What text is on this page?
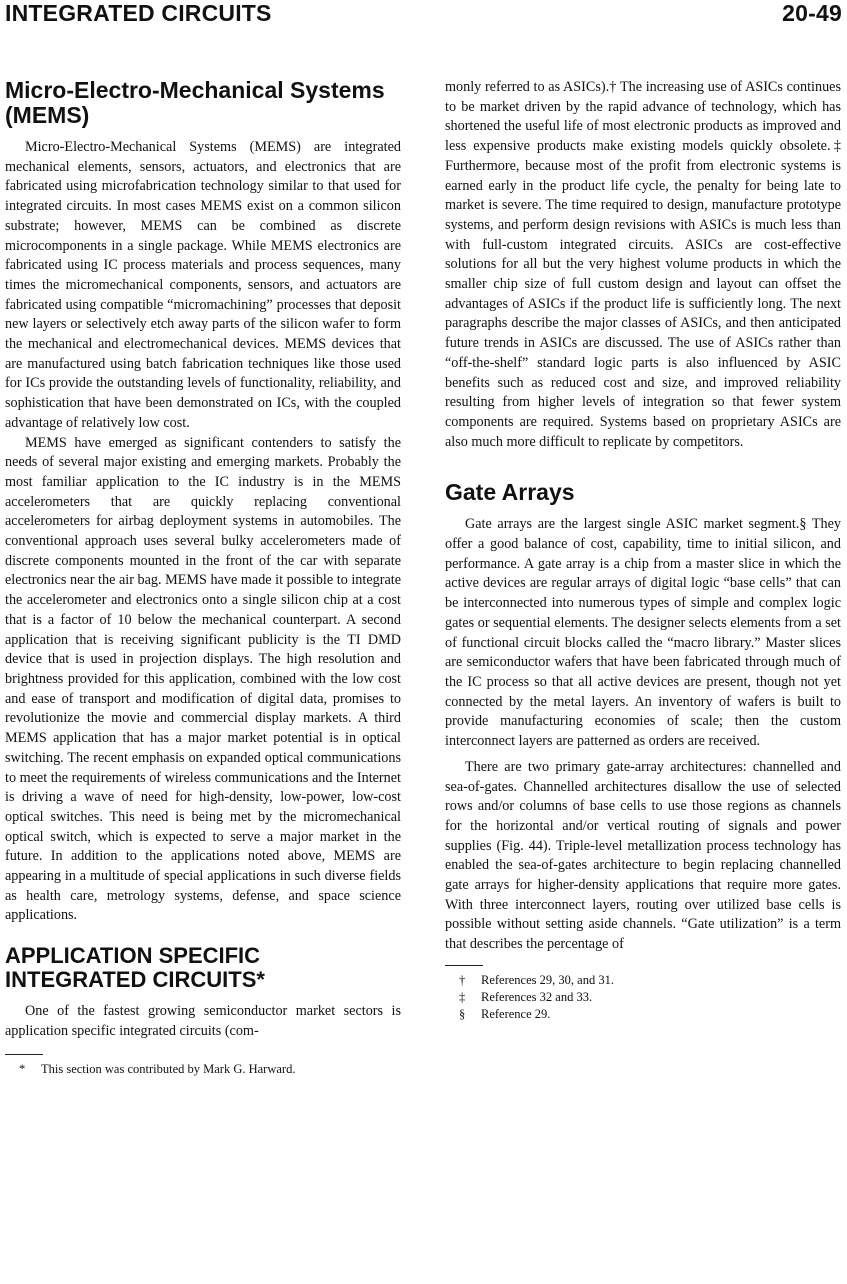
INTEGRATED CIRCUITS	20-49
Micro-Electro-Mechanical Systems (MEMS)

Micro-Electro-Mechanical Systems (MEMS) are integrated mechanical elements, sensors, actuators, and electronics that are fabricated using microfabrication technology similar to that used for integrated circuits. In most cases MEMS exist on a common silicon substrate; however, MEMS can be combined as discrete microcomponents in a single package. While MEMS electronics are fabricated using IC process materials and process sequences, many times the micromechanical components, sensors, and actuators are fabricated using compatible “micromachining” processes that deposit new layers or selectively etch away parts of the silicon wafer to form the mechanical and electromechanical devices. MEMS devices that are manufactured using batch fabrication techniques like those used for ICs provide the outstanding levels of functionality, reliability, and sophistication that have been demonstrated on ICs, with the coupled advantage of relatively low cost.

MEMS have emerged as significant contenders to satisfy the needs of several major existing and emerging markets. Probably the most familiar application to the IC industry is in the MEMS accelerometers that are quickly replacing conventional accelerometers for airbag deployment systems in automobiles. The conventional approach uses several bulky accelerometers made of discrete components mounted in the front of the car with separate electronics near the air bag. MEMS have made it possible to integrate the accelerometer and electronics onto a single silicon chip at a cost that is a factor of 10 below the mechanical counterpart. A second application that is receiving significant publicity is the TI DMD device that is used in projection displays. The high resolution and brightness provided for this application, combined with the low cost and ease of transport and modification of digital data, promises to revolutionize the movie and commercial display markets. A third MEMS application that has a major market potential is in optical switching. The recent emphasis on expanded optical communications to meet the requirements of wireless communications and the Internet is driving a wave of need for high-density, low-power, low-cost optical switches. This need is being met by the micromechanical optical switch, which is expected to serve a major market in the future. In addition to the applications noted above, MEMS are appearing in a multitude of special applications in such diverse fields as health care, metrology systems, defense, and space science applications.

APPLICATION SPECIFIC INTEGRATED CIRCUITS*

One of the fastest growing semiconductor market sectors is application specific integrated circuits (com-

* This section was contributed by Mark G. Harward.

monly referred to as ASICs).† The increasing use of ASICs continues to be market driven by the rapid advance of technology, which has shortened the useful life of most electronic products as improved and less expensive products make existing models quickly obsolete.‡ Furthermore, because most of the profit from electronic systems is earned early in the product life cycle, the penalty for being late to market is severe. The time required to design, manufacture prototype systems, and perform design revisions with ASICs is much less than with full-custom integrated circuits. ASICs are cost-effective solutions for all but the very highest volume products in which the smaller chip size of full custom design and layout can offset the advantages of ASICs if the product life is sufficiently long. The next paragraphs describe the major classes of ASICs, and then anticipated future trends in ASICs are discussed. The use of ASICs rather than “off-the-shelf” standard logic parts is also influenced by ASIC benefits such as reduced cost and size, and improved reliability resulting from higher levels of integration so that fewer system components are required. Systems based on proprietary ASICs are also much more difficult to replicate by competitors.

Gate Arrays

Gate arrays are the largest single ASIC market segment.§ They offer a good balance of cost, capability, time to initial silicon, and performance. A gate array is a chip from a master slice in which the active devices are regular arrays of digital logic “base cells” that can be interconnected into numerous types of simple and complex logic gates or sequential elements. The designer selects elements from a set of functional circuit blocks called the “macro library.” Master slices are semiconductor wafers that have been fabricated through much of the IC process so that all active devices are present, though not yet connected by the metal layers. An inventory of wafers is built to provide manufacturing economies of scale; then the custom interconnect layers are patterned as orders are received.

There are two primary gate-array architectures: channelled and sea-of-gates. Channelled architectures disallow the use of selected rows and/or columns of base cells to use those regions as channels for the horizontal and/or vertical routing of signals and power supplies (Fig. 44). Triple-level metallization process technology has enabled the sea-of-gates architecture to begin replacing channelled gate arrays for higher-density applications that require more gates. With three interconnect layers, routing over utilized base cells is possible without setting aside channels. “Gate utilization” is a term that describes the percentage of

† References 29, 30, and 31.
‡ References 32 and 33.
§ Reference 29.
